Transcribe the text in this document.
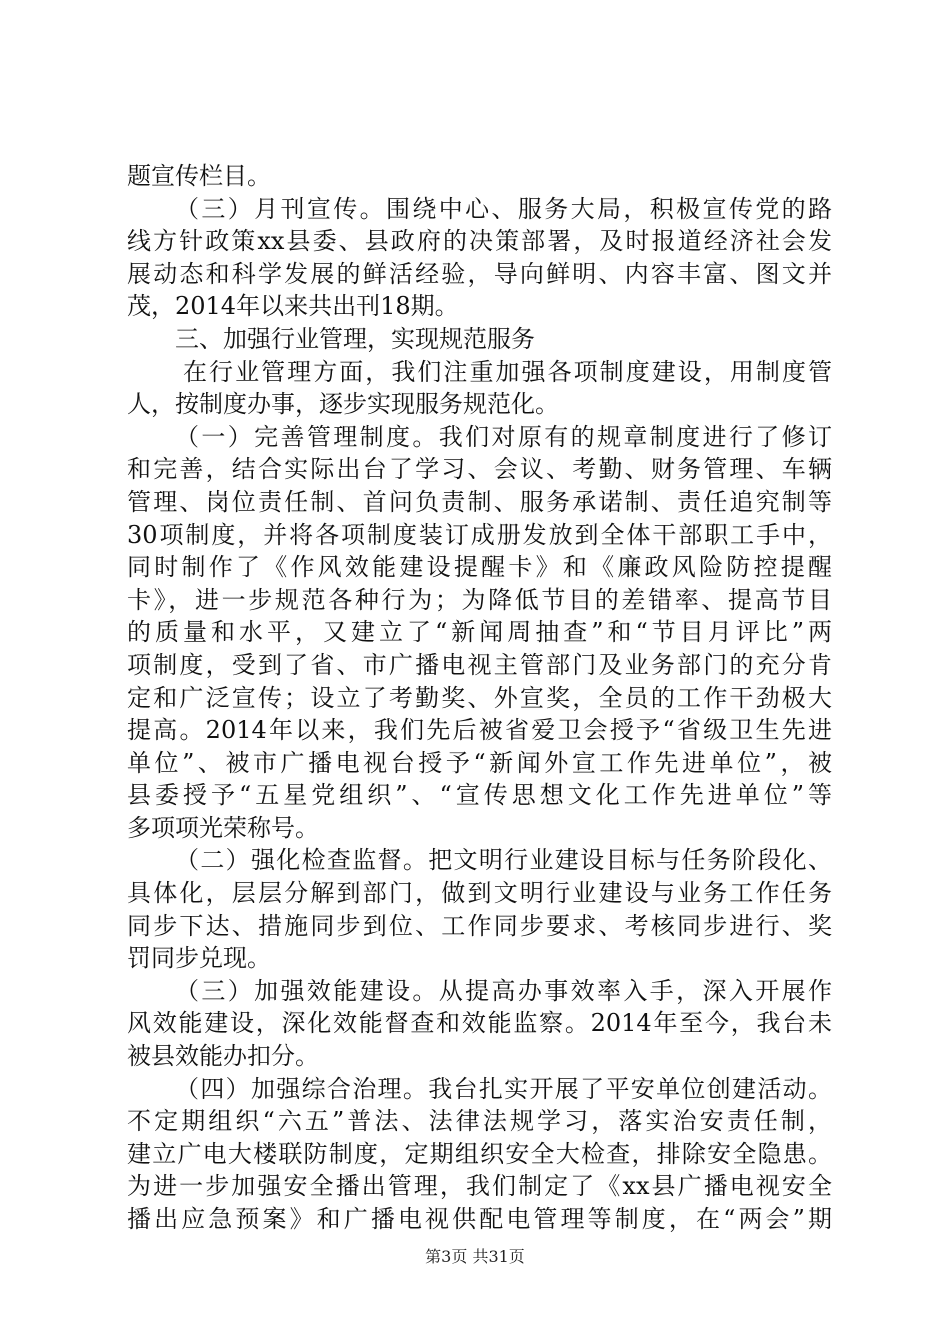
题宣传栏目。
（三）月刊宣传。围绕中心、服务大局，积极宣传党的路
线方针政策xx县委、县政府的决策部署，及时报道经济社会发
展动态和科学发展的鲜活经验，导向鲜明、内容丰富、图文并
茂，2014年以来共出刊18期。
三、加强行业管理，实现规范服务
在行业管理方面，我们注重加强各项制度建设，用制度管
人，按制度办事，逐步实现服务规范化。
（一）完善管理制度。我们对原有的规章制度进行了修订
和完善，结合实际出台了学习、会议、考勤、财务管理、车辆
管理、岗位责任制、首问负责制、服务承诺制、责任追究制等
30项制度，并将各项制度装订成册发放到全体干部职工手中，
同时制作了《作风效能建设提醒卡》和《廉政风险防控提醒
卡》，进一步规范各种行为；为降低节目的差错率、提高节目
的质量和水平，又建立了“新闻周抽查”和“节目月评比”两
项制度，受到了省、市广播电视主管部门及业务部门的充分肯
定和广泛宣传；设立了考勤奖、外宣奖，全员的工作干劲极大
提高。2014年以来，我们先后被省爱卫会授予“省级卫生先进
单位”、被市广播电视台授予“新闻外宣工作先进单位”，被
县委授予“五星党组织”、“宣传思想文化工作先进单位”等
多项项光荣称号。
（二）强化检查监督。把文明行业建设目标与任务阶段化、
具体化，层层分解到部门，做到文明行业建设与业务工作任务
同步下达、措施同步到位、工作同步要求、考核同步进行、奖
罚同步兑现。
（三）加强效能建设。从提高办事效率入手，深入开展作
风效能建设，深化效能督查和效能监察。2014年至今，我台未
被县效能办扣分。
（四）加强综合治理。我台扎实开展了平安单位创建活动。
不定期组织“六五”普法、法律法规学习，落实治安责任制，
建立广电大楼联防制度，定期组织安全大检查，排除安全隐患。
为进一步加强安全播出管理，我们制定了《xx县广播电视安全
播出应急预案》和广播电视供配电管理等制度，在“两会”期
第3页 共31页
